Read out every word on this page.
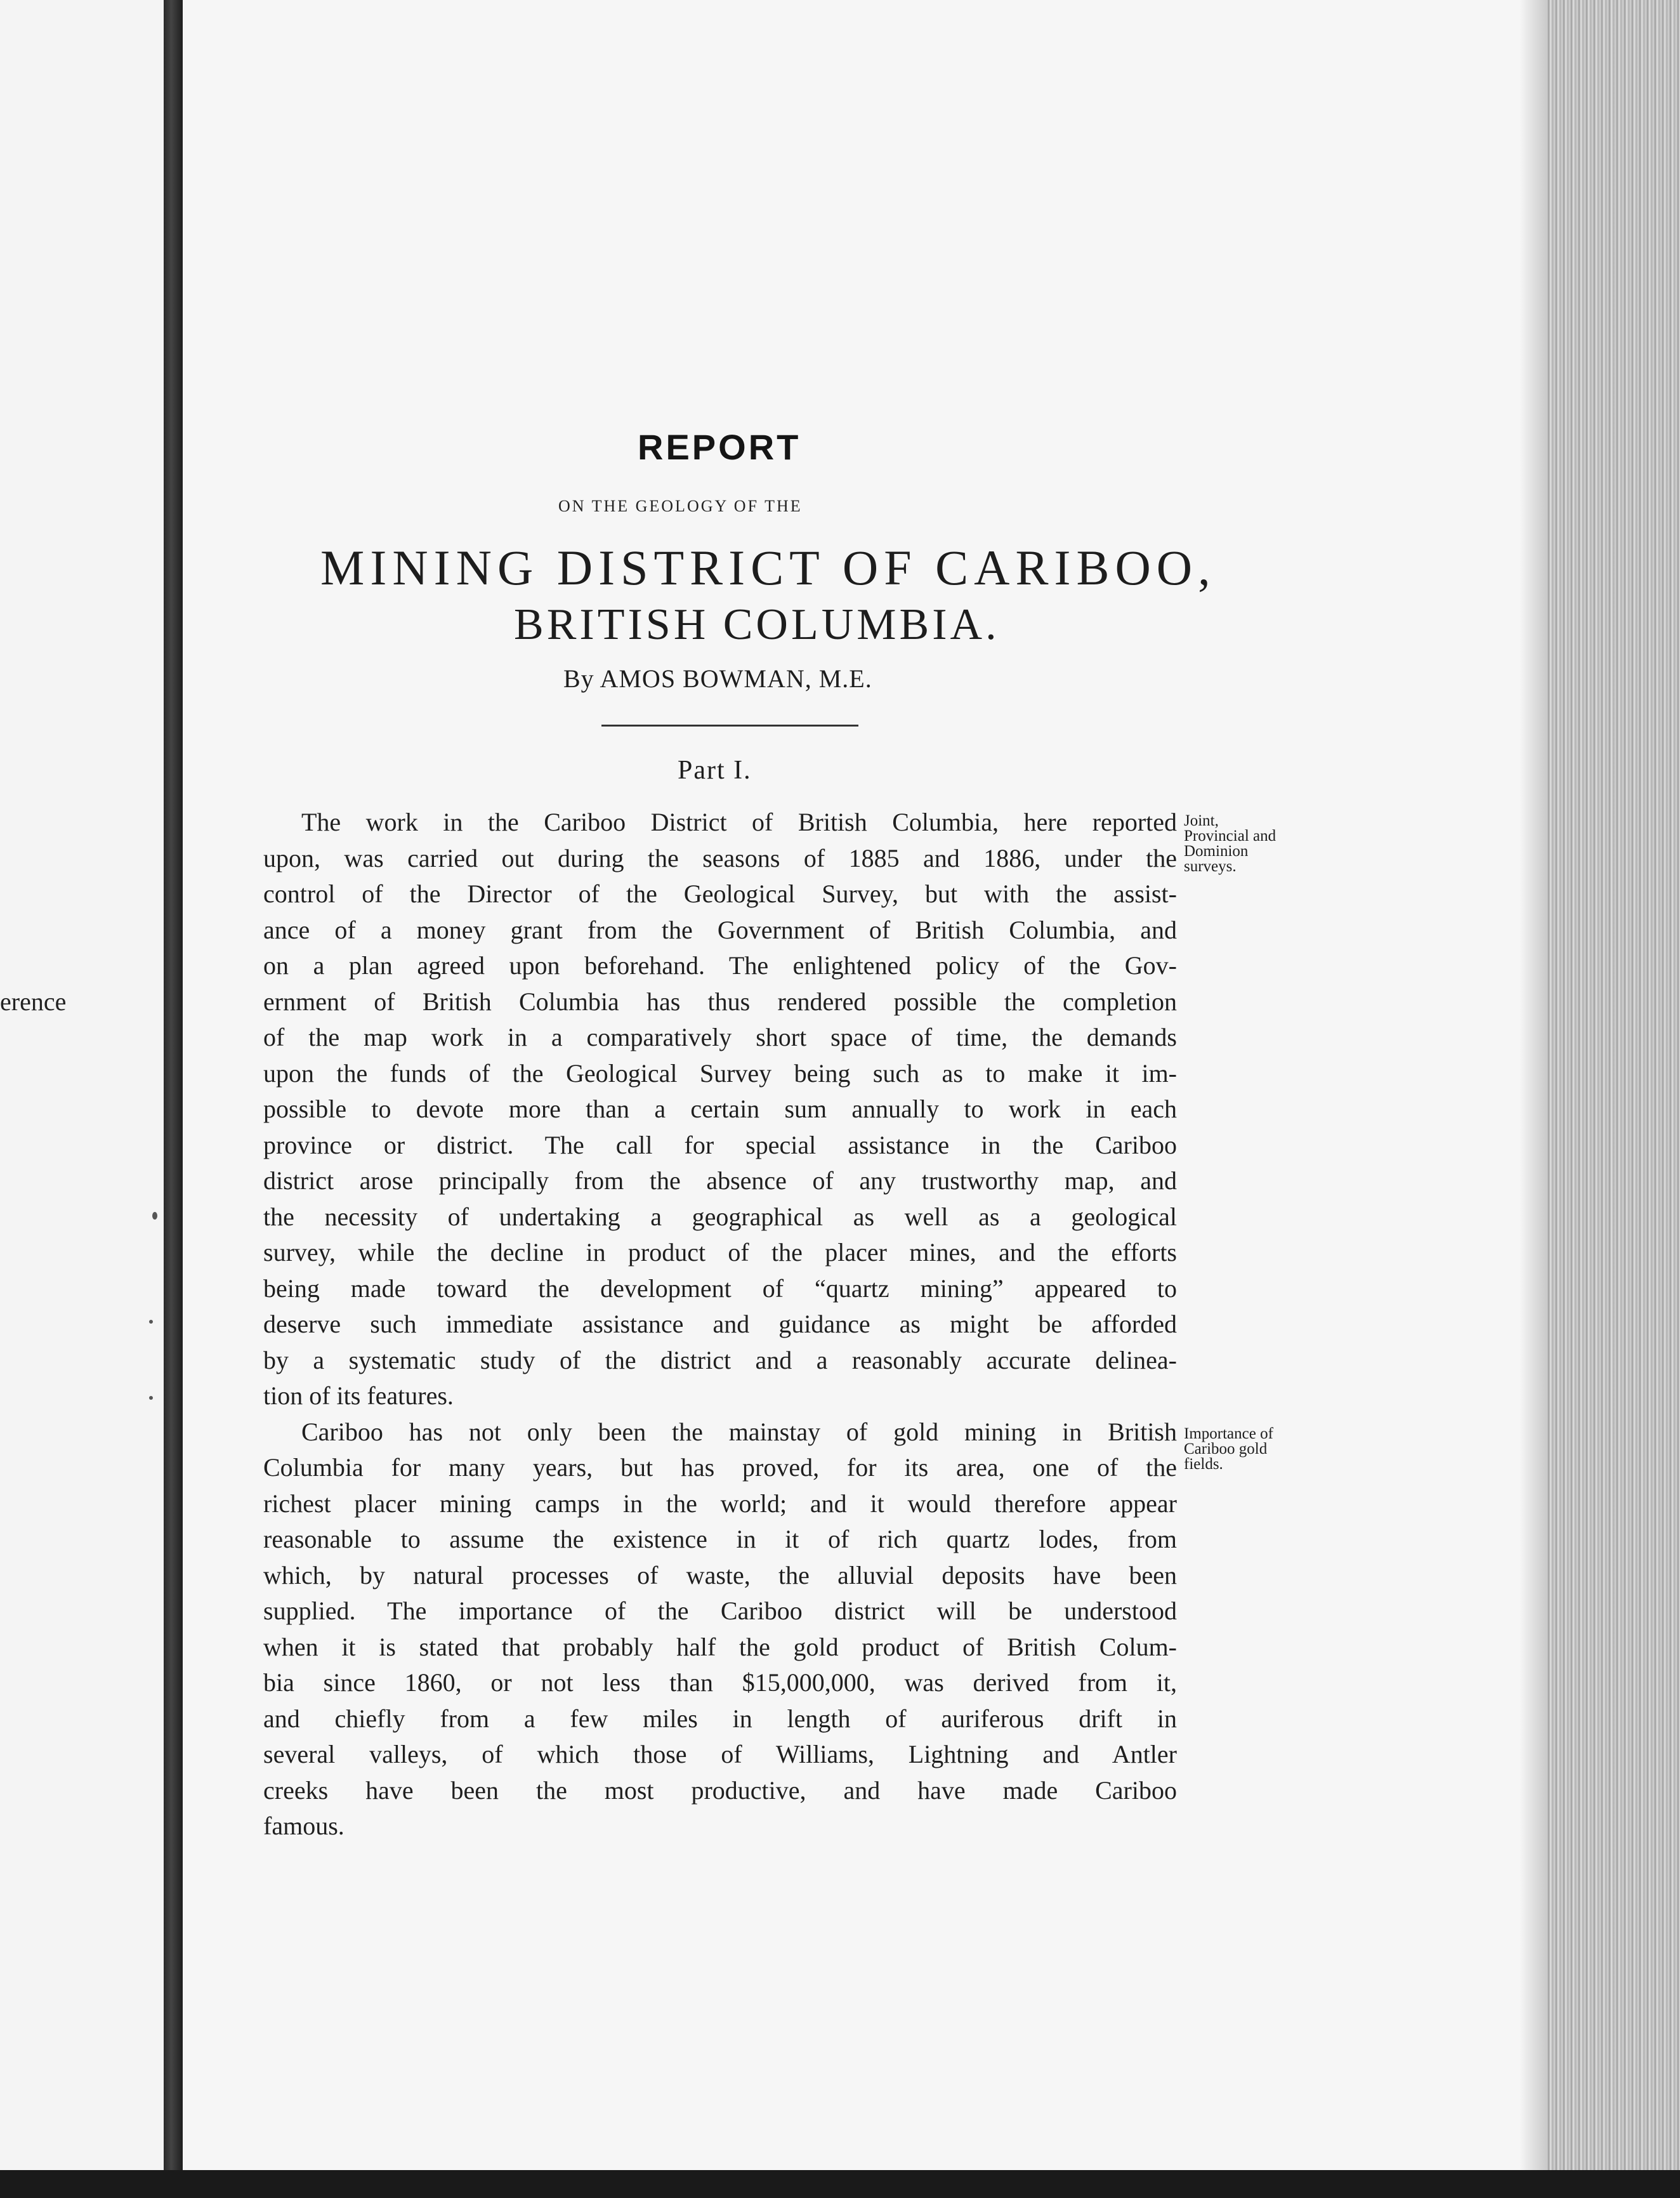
erence
REPORT
ON THE GEOLOGY OF THE
MINING DISTRICT OF CARIBOO,
BRITISH COLUMBIA.
By AMOS BOWMAN, M.E.
Part I.
The work in the Cariboo District of British Columbia, here reported
upon, was carried out during the seasons of 1885 and 1886, under the
control of the Director of the Geological Survey, but with the assist-
ance of a money grant from the Government of British Columbia, and
on a plan agreed upon beforehand. The enlightened policy of the Gov-
ernment of British Columbia has thus rendered possible the completion
of the map work in a comparatively short space of time, the demands
upon the funds of the Geological Survey being such as to make it im-
possible to devote more than a certain sum annually to work in each
province or district. The call for special assistance in the Cariboo
district arose principally from the absence of any trustworthy map, and
the necessity of undertaking a geographical as well as a geological
survey, while the decline in product of the placer mines, and the efforts
being made toward the development of “quartz mining” appeared to
deserve such immediate assistance and guidance as might be afforded
by a systematic study of the district and a reasonably accurate delinea-
tion of its features.
Cariboo has not only been the mainstay of gold mining in British
Columbia for many years, but has proved, for its area, one of the
richest placer mining camps in the world; and it would therefore appear
reasonable to assume the existence in it of rich quartz lodes, from
which, by natural processes of waste, the alluvial deposits have been
supplied. The importance of the Cariboo district will be understood
when it is stated that probably half the gold product of British Colum-
bia since 1860, or not less than $15,000,000, was derived from it,
and chiefly from a few miles in length of auriferous drift in
several valleys, of which those of Williams, Lightning and Antler
creeks have been the most productive, and have made Cariboo
famous.
Joint,
Provincial and
Dominion
surveys.
Importance of
Cariboo gold
fields.
